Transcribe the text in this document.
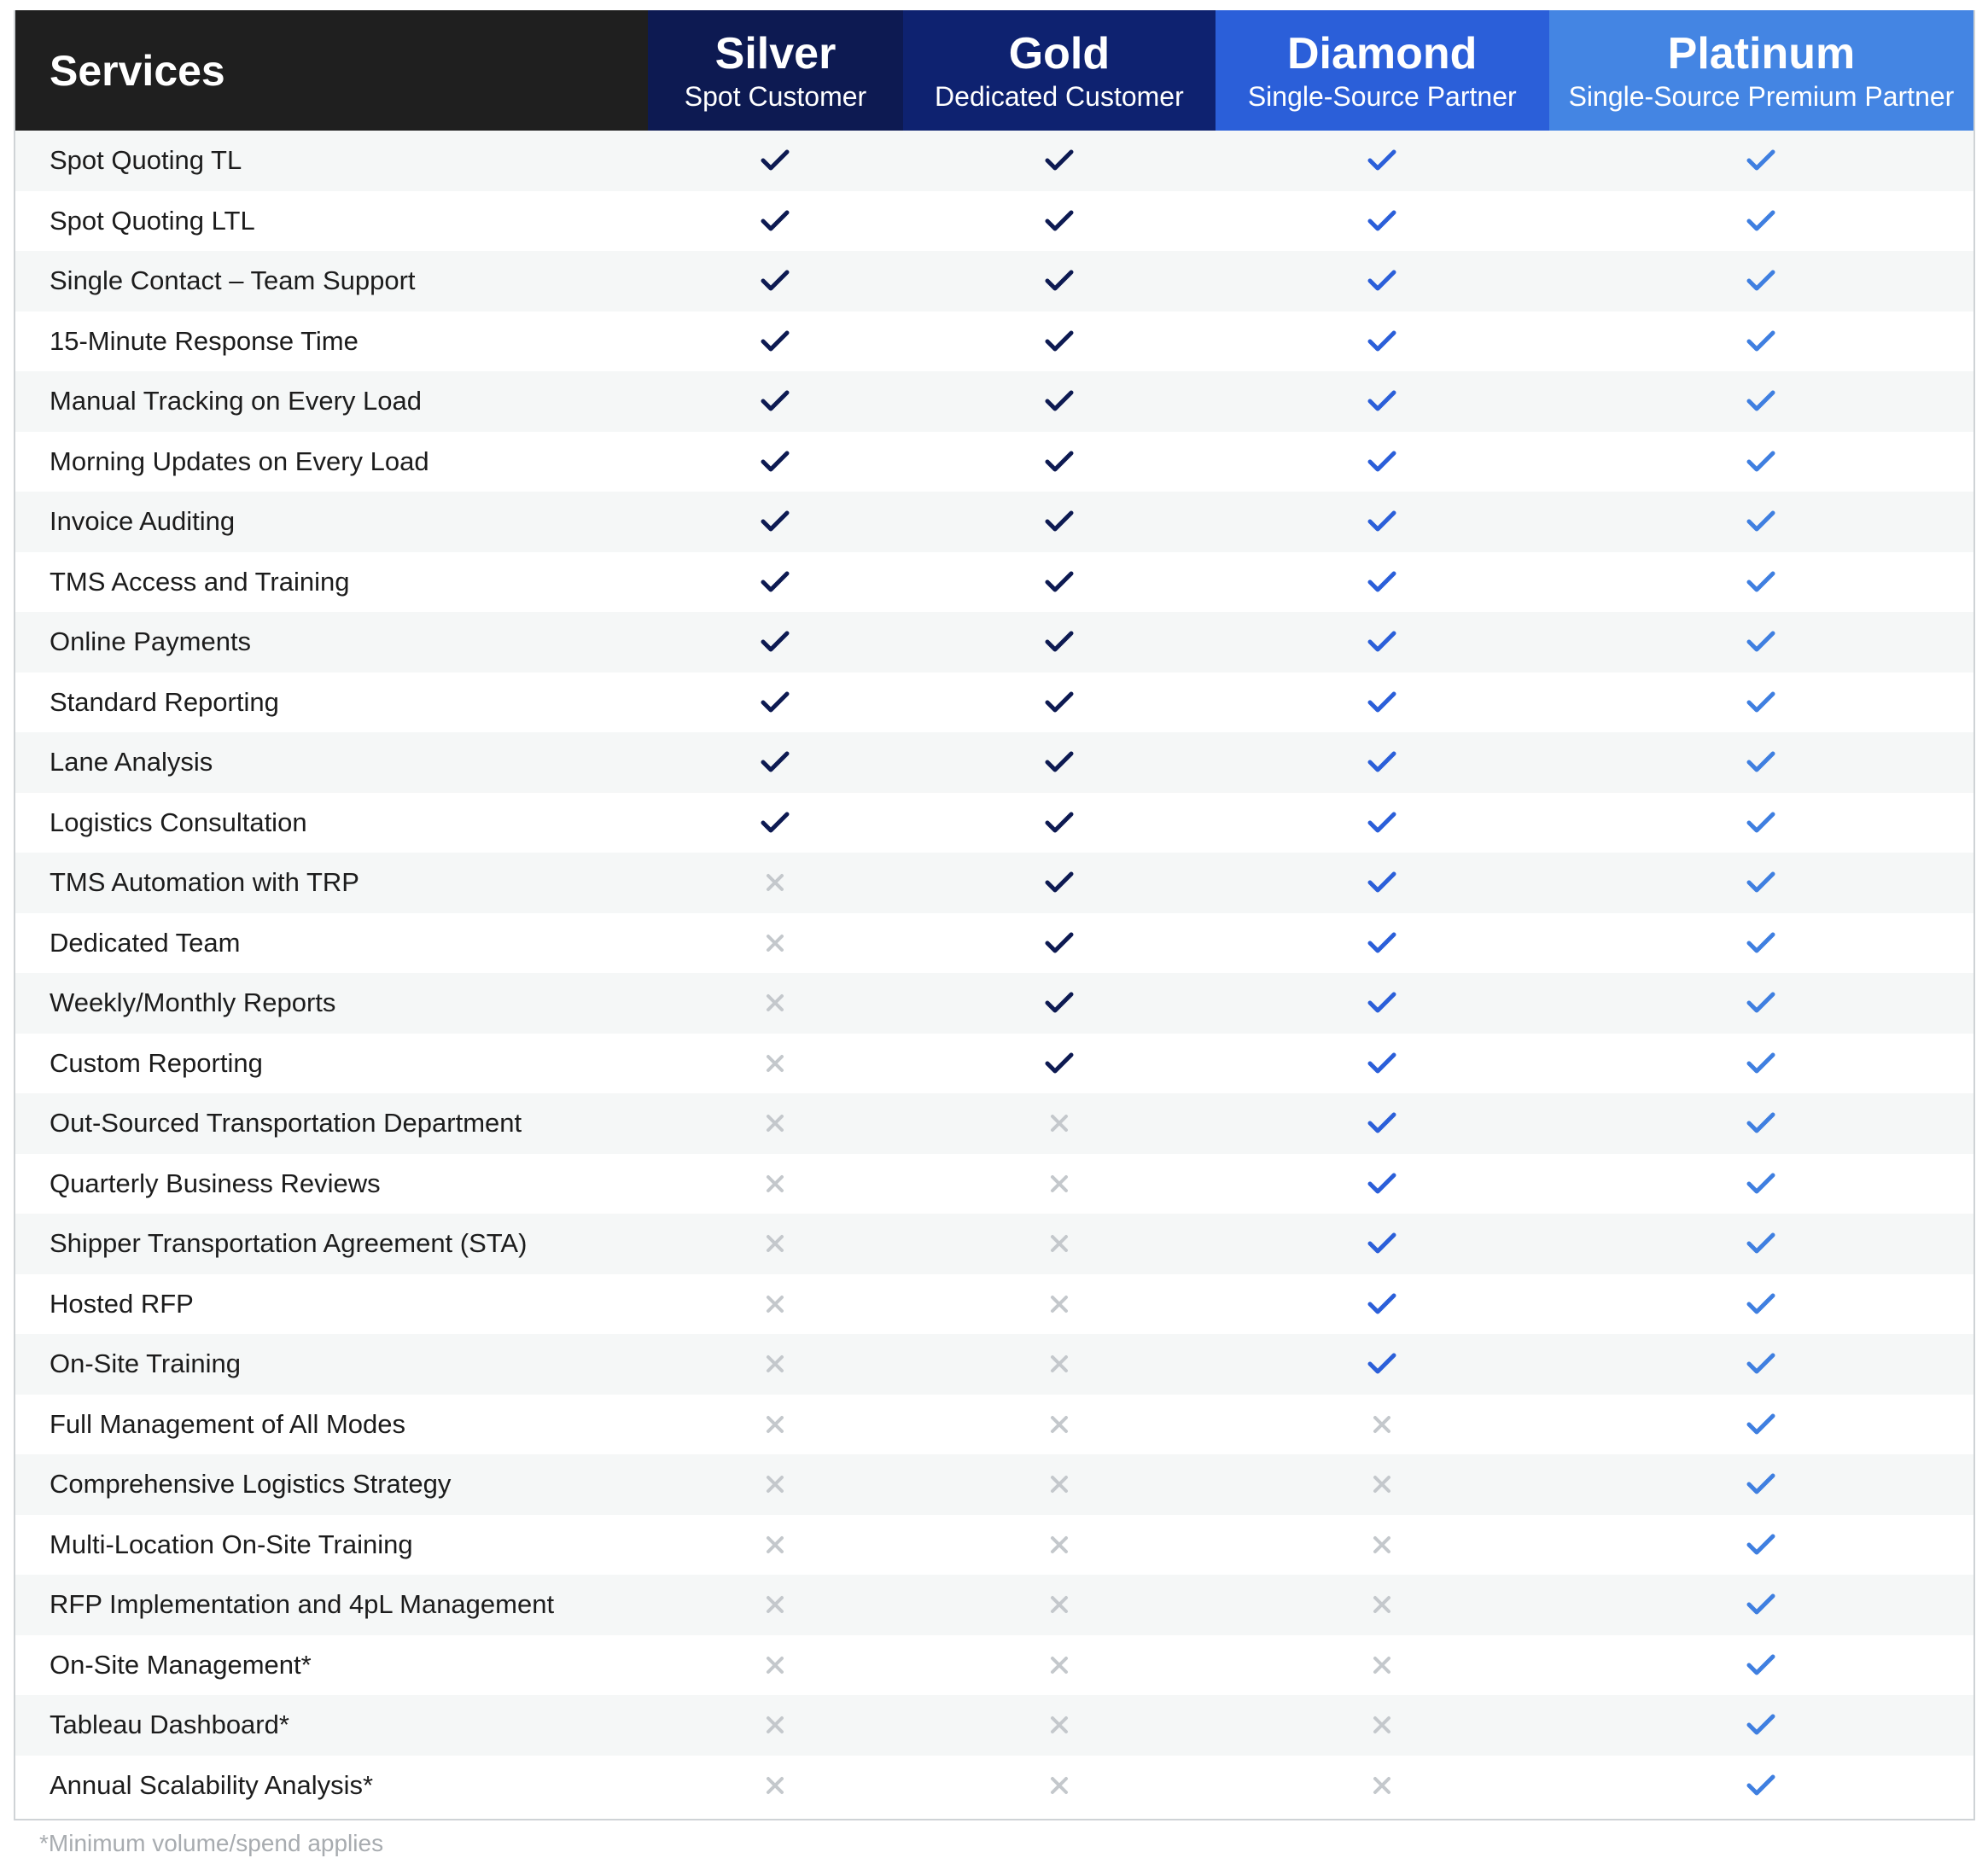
Services	Silver
Spot Customer
Gold
Dedicated Customer
Diamond
Single-Source Partner
Platinum
Single-Source Premium Partner
Spot Quoting TL
Spot Quoting LTL
Single Contact – Team Support
15-Minute Response Time
Manual Tracking on Every Load
Morning Updates on Every Load
Invoice Auditing
TMS Access and Training
Online Payments
Standard Reporting
Lane Analysis
Logistics Consultation
TMS Automation with TRP
Dedicated Team
Weekly/Monthly Reports
Custom Reporting
Out-Sourced Transportation Department
Quarterly Business Reviews
Shipper Transportation Agreement (STA)
Hosted RFP
On-Site Training
Full Management of All Modes
Comprehensive Logistics Strategy
Multi-Location On-Site Training
RFP Implementation and 4pL Management
On-Site Management*
Tableau Dashboard*
Annual Scalability Analysis*
*Minimum volume/spend applies
